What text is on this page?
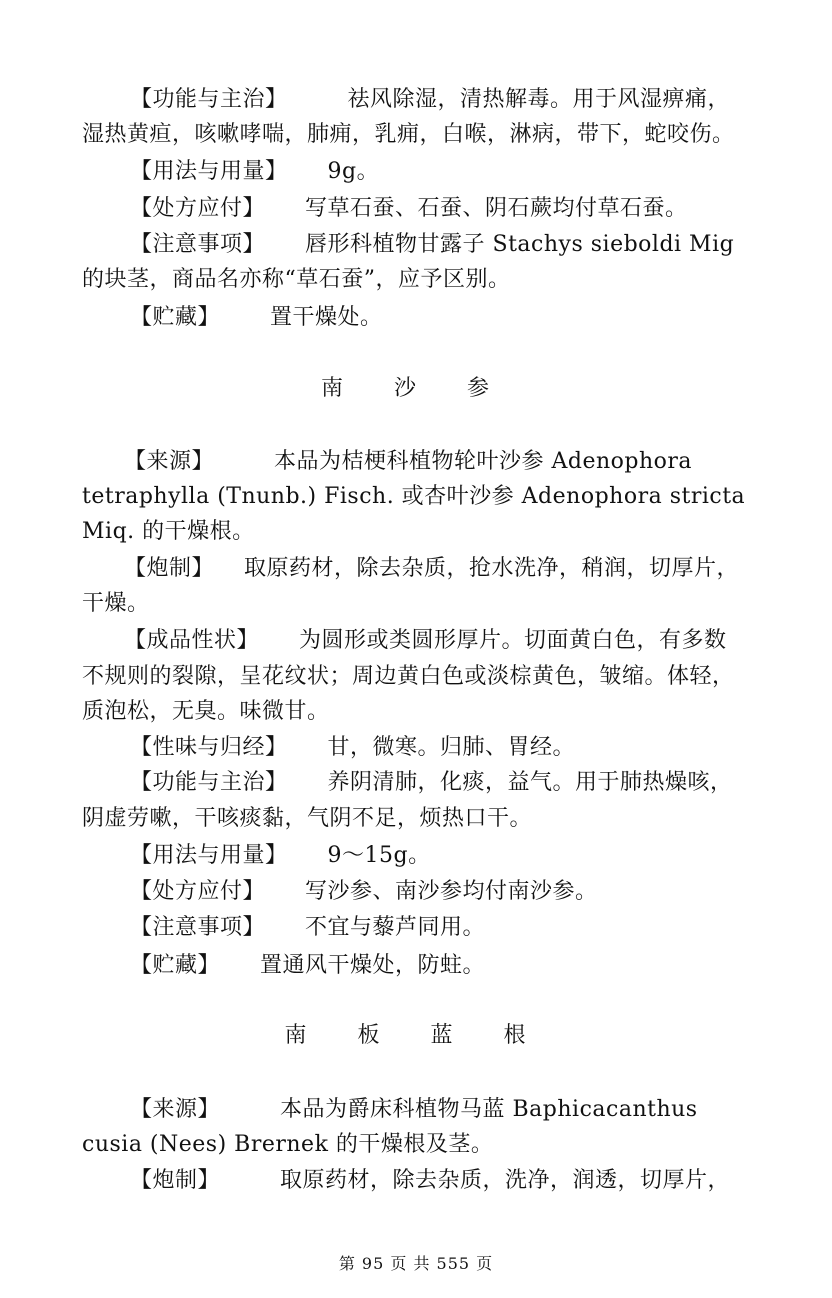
【功能与主治】	祛风除湿，清热解毒。用于风湿痹痛，
湿热黄疸，咳嗽哮喘，肺痈，乳痈，白喉，淋病，带下，蛇咬伤。
【用法与用量】 9g。
【处方应付】 写草石蚕、石蚕、阴石蕨均付草石蚕。
【注意事项】 唇形科植物甘露子 Stachys sieboldi Mig
的块茎，商品名亦称“草石蚕”，应予区别。
【贮藏】 置干燥处。
南 沙 参
【来源】	本品为桔梗科植物轮叶沙参 Adenophora
tetraphylla (Tnunb.) Fisch. 或杏叶沙参 Adenophora stricta
Miq. 的干燥根。
【炮制】 取原药材，除去杂质，抢水洗净，稍润，切厚片，
干燥。
【成品性状】 为圆形或类圆形厚片。切面黄白色，有多数
不规则的裂隙，呈花纹状；周边黄白色或淡棕黄色，皱缩。体轻，
质泡松，无臭。味微甘。
【性味与归经】 甘，微寒。归肺、胃经。
【功能与主治】 养阴清肺，化痰，益气。用于肺热燥咳，
阴虚劳嗽，干咳痰黏，气阴不足，烦热口干。
【用法与用量】 9～15g。
【处方应付】 写沙参、南沙参均付南沙参。
【注意事项】 不宜与藜芦同用。
【贮藏】 置通风干燥处，防蛀。
南 板 蓝 根
【来源】	本品为爵床科植物马蓝 Baphicacanthus
cusia (Nees) Brernek 的干燥根及茎。
【炮制】	取原药材，除去杂质，洗净，润透，切厚片，
第 95 页 共 555 页
